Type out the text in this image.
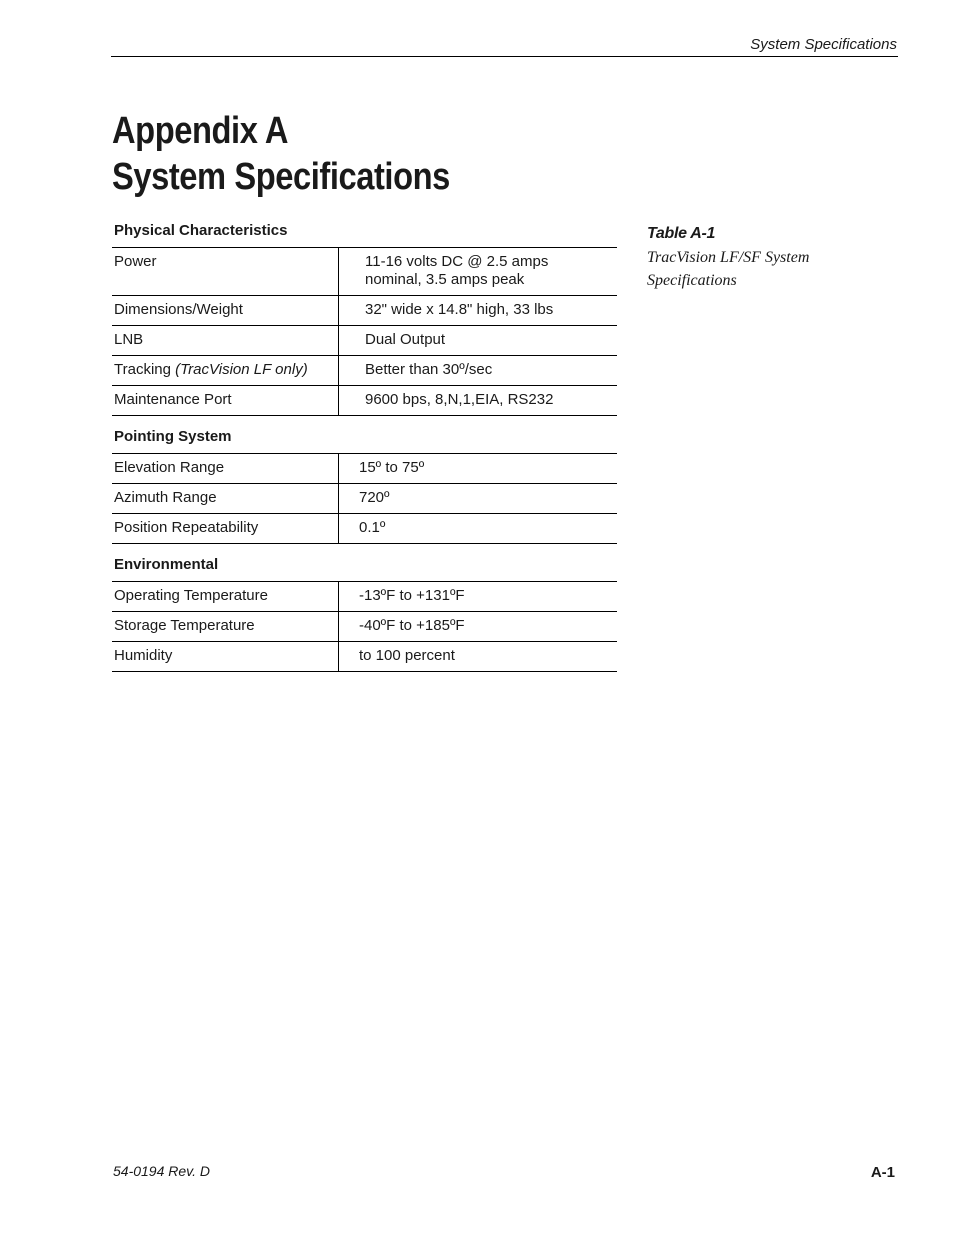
System Specifications
Appendix A
System Specifications
Physical Characteristics
Power	11-16 volts DC @ 2.5 amps
nominal, 3.5 amps peak

Dimensions/Weight	32" wide x 14.8" high, 33 lbs
LNB	Dual Output
Tracking (TracVision LF only)	Better than 30º/sec
Maintenance Port	9600 bps, 8,N,1,EIA, RS232
Pointing System
Elevation Range	15º to 75º
Azimuth Range	720º
Position Repeatability	0.1º
Environmental
Operating Temperature	-13ºF to +131ºF
Storage Temperature	-40ºF to +185ºF
Humidity	to 100 percent
Table A-1
TracVision LF/SF System
Specifications
54-0194 Rev. D	A-1
